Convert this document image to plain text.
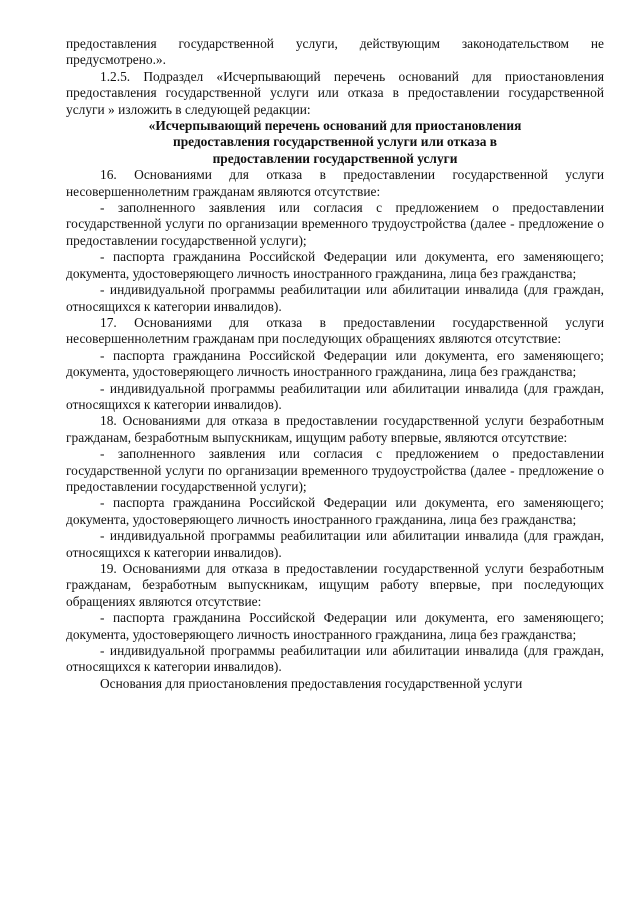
предоставления государственной услуги, действующим законодательством не предусмотрено.».

1.2.5. Подраздел «Исчерпывающий перечень оснований для приостановления предоставления государственной услуги или отказа в предоставлении государственной услуги » изложить в следующей редакции:

«Исчерпывающий перечень оснований для приостановления
предоставления государственной услуги или отказа в
предоставлении государственной услуги

16. Основаниями для отказа в предоставлении государственной услуги несовершеннолетним гражданам являются отсутствие:

- заполненного заявления или согласия с предложением о предоставлении государственной услуги по организации временного трудоустройства (далее - предложение о предоставлении государственной услуги);

- паспорта гражданина Российской Федерации или документа, его заменяющего; документа, удостоверяющего личность иностранного гражданина, лица без гражданства;

- индивидуальной программы реабилитации или абилитации инвалида (для граждан, относящихся к категории инвалидов).

17. Основаниями для отказа в предоставлении государственной услуги несовершеннолетним гражданам при последующих обращениях являются отсутствие:

- паспорта гражданина Российской Федерации или документа, его заменяющего; документа, удостоверяющего личность иностранного гражданина, лица без гражданства;

- индивидуальной программы реабилитации или абилитации инвалида (для граждан, относящихся к категории инвалидов).

18. Основаниями для отказа в предоставлении государственной услуги безработным гражданам, безработным выпускникам, ищущим работу впервые, являются отсутствие:

- заполненного заявления или согласия с предложением о предоставлении государственной услуги по организации временного трудоустройства (далее - предложение о предоставлении государственной услуги);

- паспорта гражданина Российской Федерации или документа, его заменяющего; документа, удостоверяющего личность иностранного гражданина, лица без гражданства;

- индивидуальной программы реабилитации или абилитации инвалида (для граждан, относящихся к категории инвалидов).

19. Основаниями для отказа в предоставлении государственной услуги безработным гражданам, безработным выпускникам, ищущим работу впервые, при последующих обращениях являются отсутствие:

- паспорта гражданина Российской Федерации или документа, его заменяющего; документа, удостоверяющего личность иностранного гражданина, лица без гражданства;

- индивидуальной программы реабилитации или абилитации инвалида (для граждан, относящихся к категории инвалидов).

Основания для приостановления предоставления государственной услуги
